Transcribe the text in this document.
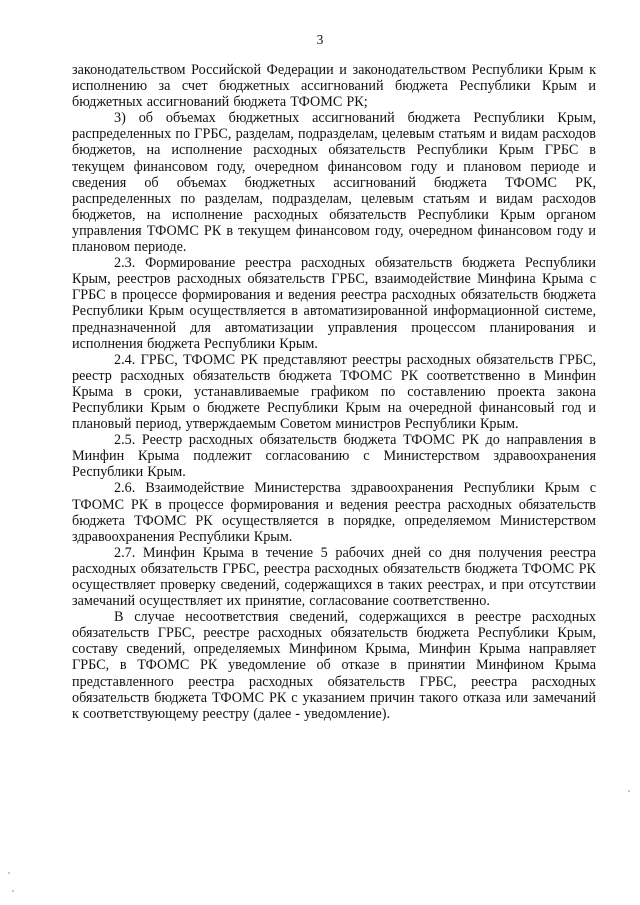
3

законодательством Российской Федерации и законодательством Республики Крым к исполнению за счет бюджетных ассигнований бюджета Республики Крым и бюджетных ассигнований бюджета ТФОМС РК;

3) об объемах бюджетных ассигнований бюджета Республики Крым, распределенных по ГРБС, разделам, подразделам, целевым статьям и видам расходов бюджетов, на исполнение расходных обязательств Республики Крым ГРБС в текущем финансовом году, очередном финансовом году и плановом периоде и сведения об объемах бюджетных ассигнований бюджета ТФОМС РК, распределенных по разделам, подразделам, целевым статьям и видам расходов бюджетов, на исполнение расходных обязательств Республики Крым органом управления ТФОМС РК в текущем финансовом году, очередном финансовом году и плановом периоде.

2.3. Формирование реестра расходных обязательств бюджета Республики Крым, реестров расходных обязательств ГРБС, взаимодействие Минфина Крыма с ГРБС в процессе формирования и ведения реестра расходных обязательств бюджета Республики Крым осуществляется в автоматизированной информационной системе, предназначенной для автоматизации управления процессом планирования и исполнения бюджета Республики Крым.

2.4. ГРБС, ТФОМС РК представляют реестры расходных обязательств ГРБС, реестр расходных обязательств бюджета ТФОМС РК соответственно в Минфин Крыма в сроки, устанавливаемые графиком по составлению проекта закона Республики Крым о бюджете Республики Крым на очередной финансовый год и плановый период, утверждаемым Советом министров Республики Крым.

2.5. Реестр расходных обязательств бюджета ТФОМС РК до направления в Минфин Крыма подлежит согласованию с Министерством здравоохранения Республики Крым.

2.6. Взаимодействие Министерства здравоохранения Республики Крым с ТФОМС РК в процессе формирования и ведения реестра расходных обязательств бюджета ТФОМС РК осуществляется в порядке, определяемом Министерством здравоохранения Республики Крым.

2.7. Минфин Крыма в течение 5 рабочих дней со дня получения реестра расходных обязательств ГРБС, реестра расходных обязательств бюджета ТФОМС РК осуществляет проверку сведений, содержащихся в таких реестрах, и при отсутствии замечаний осуществляет их принятие, согласование соответственно.

В случае несоответствия сведений, содержащихся в реестре расходных обязательств ГРБС, реестре расходных обязательств бюджета Республики Крым, составу сведений, определяемых Минфином Крыма, Минфин Крыма направляет ГРБС, в ТФОМС РК уведомление об отказе в принятии Минфином Крыма представленного реестра расходных обязательств ГРБС, реестра расходных обязательств бюджета ТФОМС РК с указанием причин такого отказа или замечаний к соответствующему реестру (далее - уведомление).
